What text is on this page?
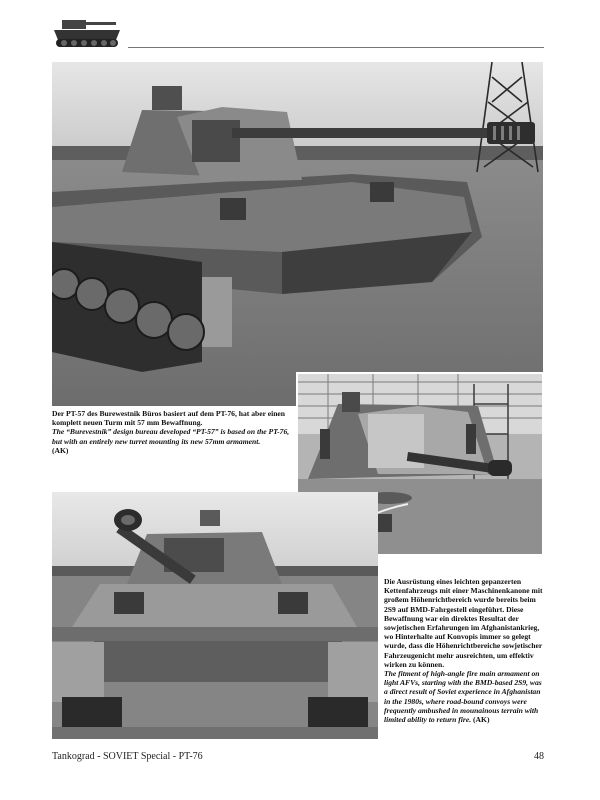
Der PT-57 des Burewestnik Büros basiert auf dem PT-76, hat aber einen komplett neuen Turm mit 57 mm Bewaffnung.

The “Burevestnik” design bureau developed “PT-57” is based on the PT-76, but with an entirely new turret mounting its new 57mm armament.

(AK)

Die Ausrüstung eines leichten gepanzerten Kettenfahrzeugs mit einer Maschinenkanone mit großem Höhenrichtbereich wurde bereits beim 2S9 auf BMD-Fahrgestell eingeführt. Diese Bewaffnung war ein direktes Resultat der sowjetischen Erfahrungen im Afghanistankrieg, wo Hinterhalte auf Konvopis immer so gelegt wurde, dass die Höhenrichtbereiche sowjetischer Fahrzeugenicht mehr ausreichten, um effektiv wirken zu können.

The fitment of high-angle fire main armament on light AFVs, starting with the BMD-based 2S9, was a direct result of Soviet experience in Afghanistan in the 1980s, where road-bound convoys were frequently ambushed in mounainous terrain with limited ability to return fire. (AK)

Tankograd - SOVIET Special - PT-76	48
